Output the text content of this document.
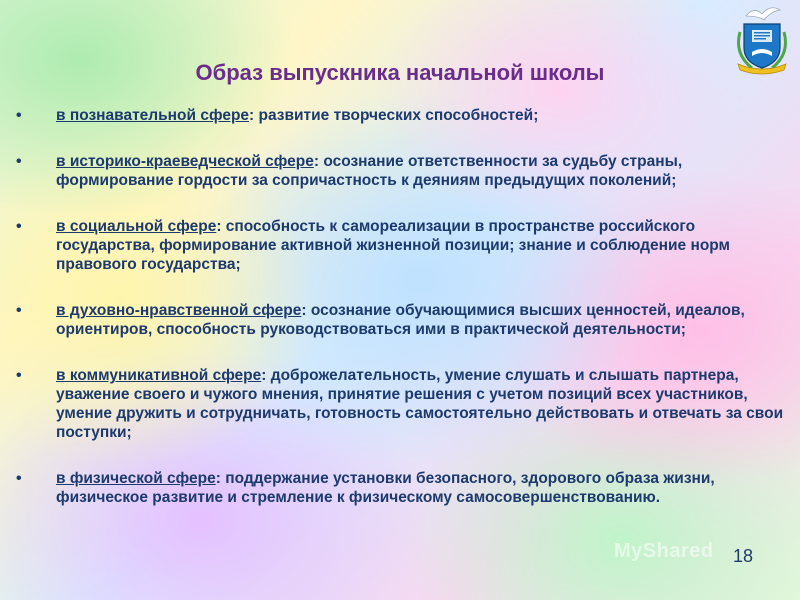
Образ выпускника начальной школы
• в познавательной сфере: развитие творческих способностей;
• в историко-краеведческой сфере: осознание ответственности за судьбу страны, формирование гордости за сопричастность к деяниям предыдущих поколений;
• в социальной сфере: способность к самореализации в пространстве российского государства, формирование активной жизненной позиции; знание и соблюдение норм правового государства;
• в духовно-нравственной сфере: осознание обучающимися высших ценностей, идеалов, ориентиров, способность руководствоваться ими в практической деятельности;
• в коммуникативной сфере: доброжелательность, умение слушать и слышать партнера, уважение своего и чужого мнения, принятие решения с учетом позиций всех участников, умение дружить и сотрудничать, готовность самостоятельно действовать и отвечать за свои поступки;
• в физической сфере: поддержание установки безопасного, здорового образа жизни, физическое развитие и стремление к физическому самосовершенствованию.
MyShared 18
